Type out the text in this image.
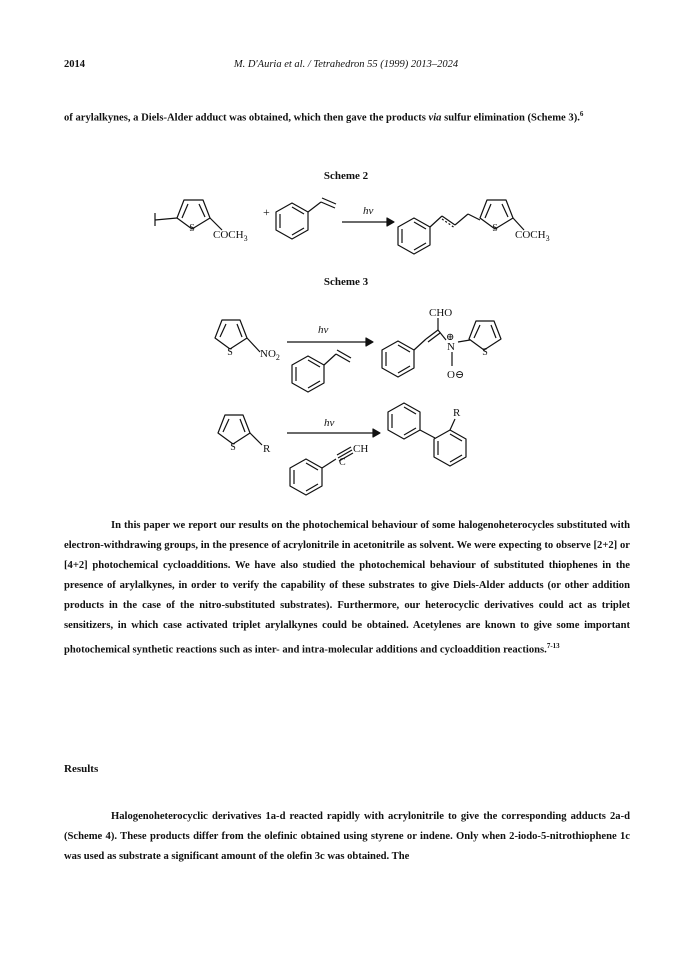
2014	M. D'Auria et al. / Tetrahedron 55 (1999) 2013–2024
of arylalkynes, a Diels-Alder adduct was obtained, which then gave the products via sulfur elimination (Scheme 3).$^6$
Scheme 2
Scheme 3
S
$COCH_3$
+	hv
S
$COCH_3$
S $NO_2$
hv
CHO
⊕
N
O⊖
S
S R
hv
C
CH
R
In this paper we report our results on the photochemical behaviour of some halogenoheterocycles substituted with electron-withdrawing groups, in the presence of acrylonitrile in acetonitrile as solvent. We were expecting to observe [2+2] or [4+2] photochemical cycloadditions. We have also studied the photochemical behaviour of substituted thiophenes in the presence of arylalkynes, in order to verify the capability of these substrates to give Diels-Alder adducts (or other addition products in the case of the nitro-substituted substrates). Furthermore, our heterocyclic derivatives could act as triplet sensitizers, in which case activated triplet arylalkynes could be obtained. Acetylenes are known to give some important photochemical synthetic reactions such as inter- and intra-molecular additions and cycloaddition reactions.$^{7-13}$
Results
Halogenoheterocyclic derivatives 1a-d reacted rapidly with acrylonitrile to give the corresponding adducts 2a-d (Scheme 4). These products differ from the olefinic obtained using styrene or indene. Only when 2-iodo-5-nitrothiophene 1c was used as substrate a significant amount of the olefin 3c was obtained. The
